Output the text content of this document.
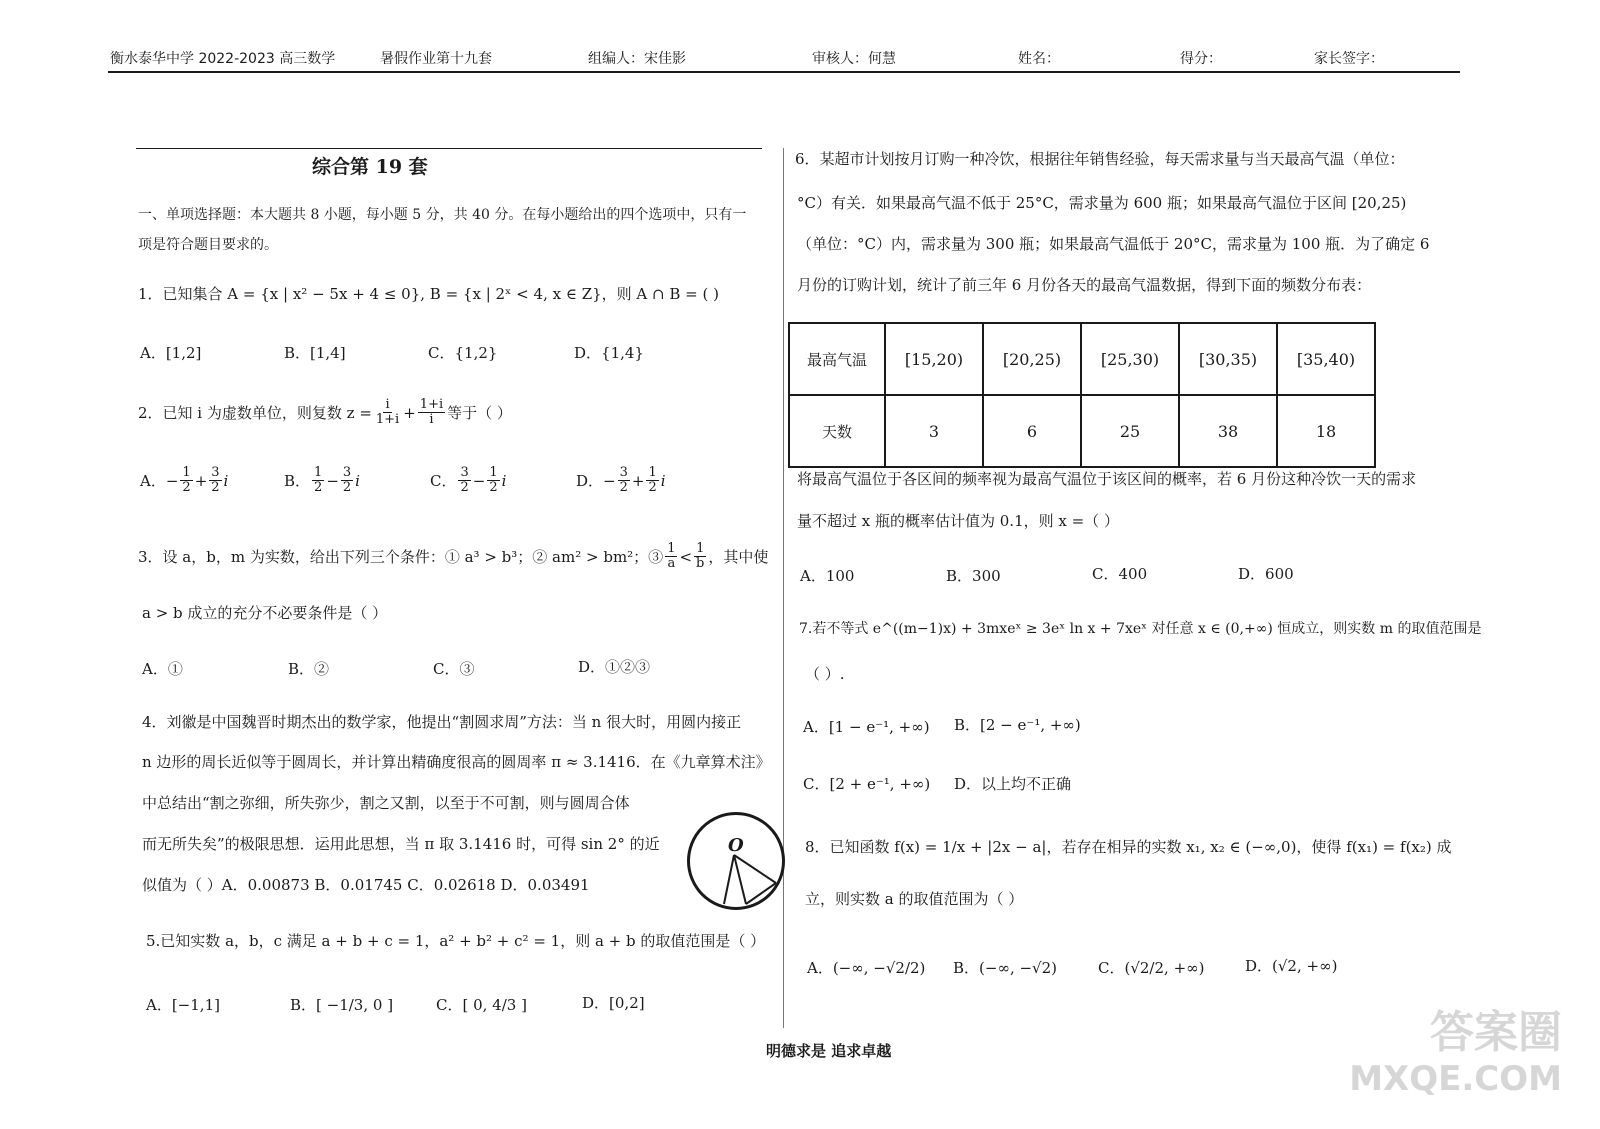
衡水泰华中学 2022-2023 高三数学	暑假作业第十九套	组编人：宋佳影	审核人：何慧	姓名：	得分：	家长签字：
综合第 19 套
一、单项选择题：本大题共 8 小题，每小题 5 分，共 40 分。在每小题给出的四个选项中，只有一
项是符合题目要求的。
1．已知集合 A = {x | x² − 5x + 4 ≤ 0}, B = {x | 2ˣ < 4, x ∈ Z}，则 A ∩ B = ( )
A．[1,2]	B．[1,4]	C．{1,2}	D．{1,4}
2．已知 i 为虚数单位，则复数 $z = \frac{i}{1+i} + \frac{1+i}{i}$ 等于（ ）
A．− $\frac{1}{2} + \frac{3}{2}$ i	B． $\frac{1}{2} - \frac{3}{2}$ i	C． $\frac{3}{2} - \frac{1}{2}$ i	D．− $\frac{3}{2} + \frac{1}{2}$ i
3．设 a，b，m 为实数，给出下列三个条件：① a³ > b³；② am² > bm²；③ $\frac{1}{a} < \frac{1}{b}$ ，其中使
a > b 成立的充分不必要条件是（ ）
A．①	B．②	C．③	D．①②③
4．刘徽是中国魏晋时期杰出的数学家，他提出“割圆求周”方法：当 n 很大时，用圆内接正
n 边形的周长近似等于圆周长，并计算出精确度很高的圆周率 π ≈ 3.1416．在《九章算术注》
中总结出“割之弥细，所失弥少，割之又割，以至于不可割，则与圆周合体
而无所失矣”的极限思想．运用此思想，当 π 取 3.1416 时，可得 sin 2° 的近
似值为（ ）A．0.00873 B．0.01745 C．0.02618 D．0.03491
O
5.已知实数 a，b，c 满足 a + b + c = 1，a² + b² + c² = 1，则 a + b 的取值范围是（ ）
A．[−1,1]	B．[ −1/3, 0 ]	C．[ 0, 4/3 ]	D．[0,2]
6．某超市计划按月订购一种冷饮，根据往年销售经验，每天需求量与当天最高气温（单位：
°C）有关．如果最高气温不低于 25°C，需求量为 600 瓶；如果最高气温位于区间 [20,25)
（单位：°C）内，需求量为 300 瓶；如果最高气温低于 20°C，需求量为 100 瓶．为了确定 6
月份的订购计划，统计了前三年 6 月份各天的最高气温数据，得到下面的频数分布表：
最高气温	[15,20)	[20,25)	[25,30)	[30,35)	[35,40)
天数	3	6	25	38	18
将最高气温位于各区间的频率视为最高气温位于该区间的概率，若 6 月份这种冷饮一天的需求
量不超过 x 瓶的概率估计值为 0.1，则 x =（ ）
A．100	B．300	C．400	D．600
7.若不等式 e^((m−1)x) + 3mxeˣ ≥ 3eˣ ln x + 7xeˣ 对任意 x ∈ (0,+∞) 恒成立，则实数 m 的取值范围是
（ ）.
A．[1 − e⁻¹, +∞) B．[2 − e⁻¹, +∞)
C．[2 + e⁻¹, +∞) D．以上均不正确
8．已知函数 f(x) = 1/x + |2x − a|，若存在相异的实数 x₁, x₂ ∈ (−∞,0)，使得 f(x₁) = f(x₂) 成
立，则实数 a 的取值范围为（ ）
A．(−∞, −√2/2) B．(−∞, −√2)	C．(√2/2, +∞)	D．(√2, +∞)
明德求是 追求卓越	答案圈
MXQE.COM
